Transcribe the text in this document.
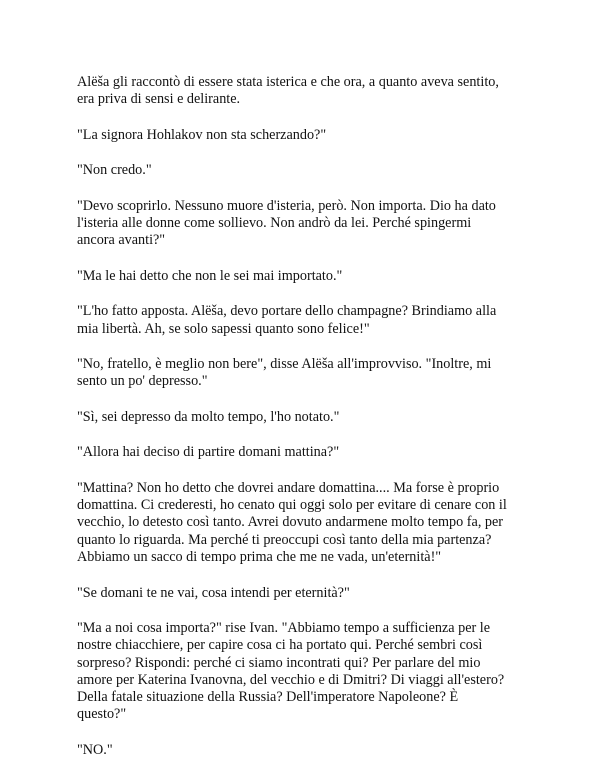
Alëša gli raccontò di essere stata isterica e che ora, a quanto aveva sentito,
era priva di sensi e delirante.

"La signora Hohlakov non sta scherzando?"

"Non credo."

"Devo scoprirlo. Nessuno muore d'isteria, però. Non importa. Dio ha dato
l'isteria alle donne come sollievo. Non andrò da lei. Perché spingermi
ancora avanti?"

"Ma le hai detto che non le sei mai importato."

"L'ho fatto apposta. Alëša, devo portare dello champagne? Brindiamo alla
mia libertà. Ah, se solo sapessi quanto sono felice!"

"No, fratello, è meglio non bere", disse Alëša all'improvviso. "Inoltre, mi
sento un po' depresso."

"Sì, sei depresso da molto tempo, l'ho notato."

"Allora hai deciso di partire domani mattina?"

"Mattina? Non ho detto che dovrei andare domattina.... Ma forse è proprio
domattina. Ci crederesti, ho cenato qui oggi solo per evitare di cenare con il
vecchio, lo detesto così tanto. Avrei dovuto andarmene molto tempo fa, per
quanto lo riguarda. Ma perché ti preoccupi così tanto della mia partenza?
Abbiamo un sacco di tempo prima che me ne vada, un'eternità!"

"Se domani te ne vai, cosa intendi per eternità?"

"Ma a noi cosa importa?" rise Ivan. "Abbiamo tempo a sufficienza per le
nostre chiacchiere, per capire cosa ci ha portato qui. Perché sembri così
sorpreso? Rispondi: perché ci siamo incontrati qui? Per parlare del mio
amore per Katerina Ivanovna, del vecchio e di Dmitri? Di viaggi all'estero?
Della fatale situazione della Russia? Dell'imperatore Napoleone? È
questo?"

"NO."
